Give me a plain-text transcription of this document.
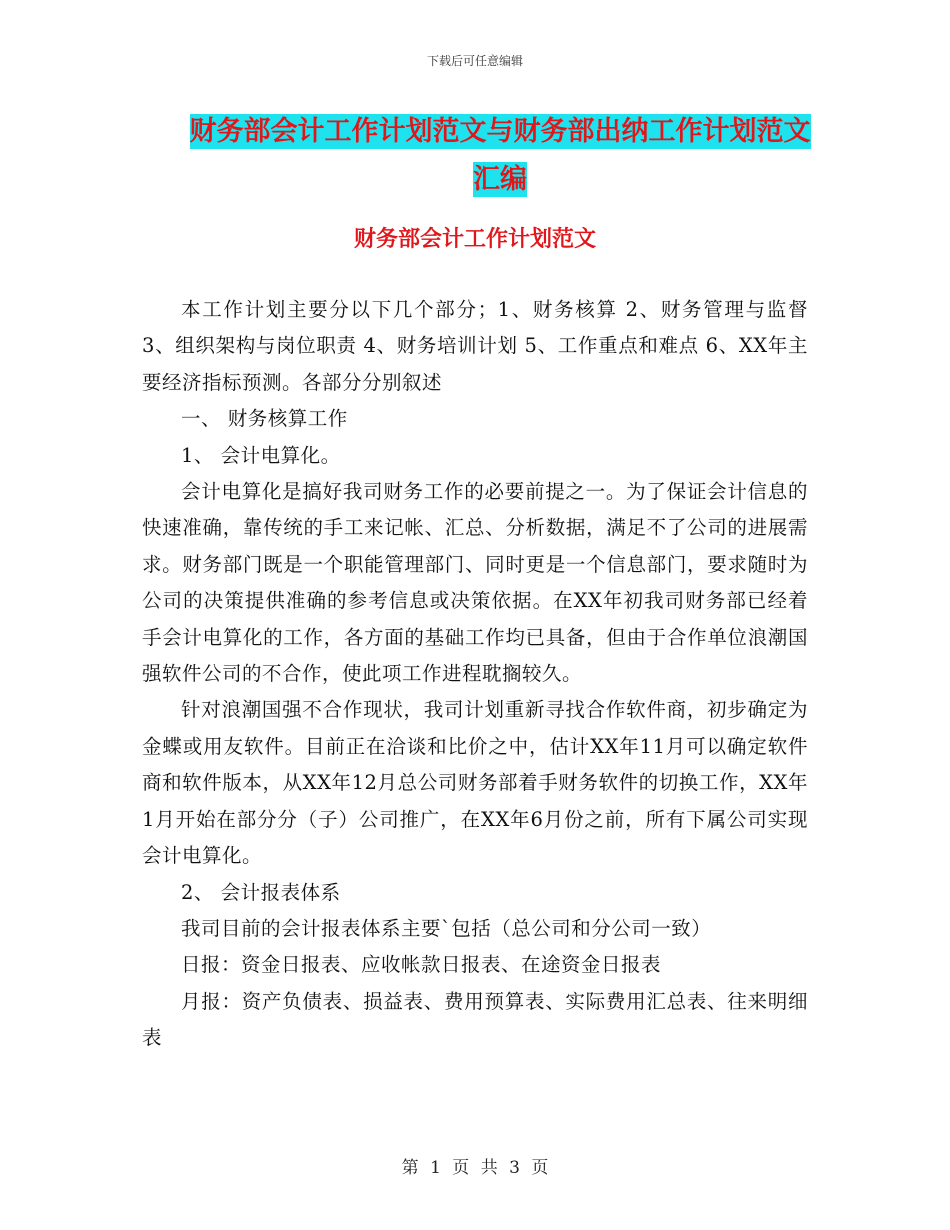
下载后可任意编辑
财务部会计工作计划范文与财务部出纳工作计划范文
汇编
财务部会计工作计划范文

本工作计划主要分以下几个部分；1、财务核算 2、财务管理与监督 3、组织架构与岗位职责 4、财务培训计划 5、工作重点和难点 6、XX年主要经济指标预测。各部分分别叙述

一、 财务核算工作

1、 会计电算化。

会计电算化是搞好我司财务工作的必要前提之一。为了保证会计信息的快速准确，靠传统的手工来记帐、汇总、分析数据，满足不了公司的进展需求。财务部门既是一个职能管理部门、同时更是一个信息部门，要求随时为公司的决策提供准确的参考信息或决策依据。在XX年初我司财务部已经着手会计电算化的工作，各方面的基础工作均已具备，但由于合作单位浪潮国强软件公司的不合作，使此项工作进程耽搁较久。

针对浪潮国强不合作现状，我司计划重新寻找合作软件商，初步确定为金蝶或用友软件。目前正在洽谈和比价之中，估计XX年11月可以确定软件商和软件版本，从XX年12月总公司财务部着手财务软件的切换工作，XX年1月开始在部分分（子）公司推广，在XX年6月份之前，所有下属公司实现会计电算化。

2、 会计报表体系

我司目前的会计报表体系主要`包括（总公司和分公司一致）

日报：资金日报表、应收帐款日报表、在途资金日报表

月报：资产负债表、损益表、费用预算表、实际费用汇总表、往来明细表

第 1 页 共 3 页
